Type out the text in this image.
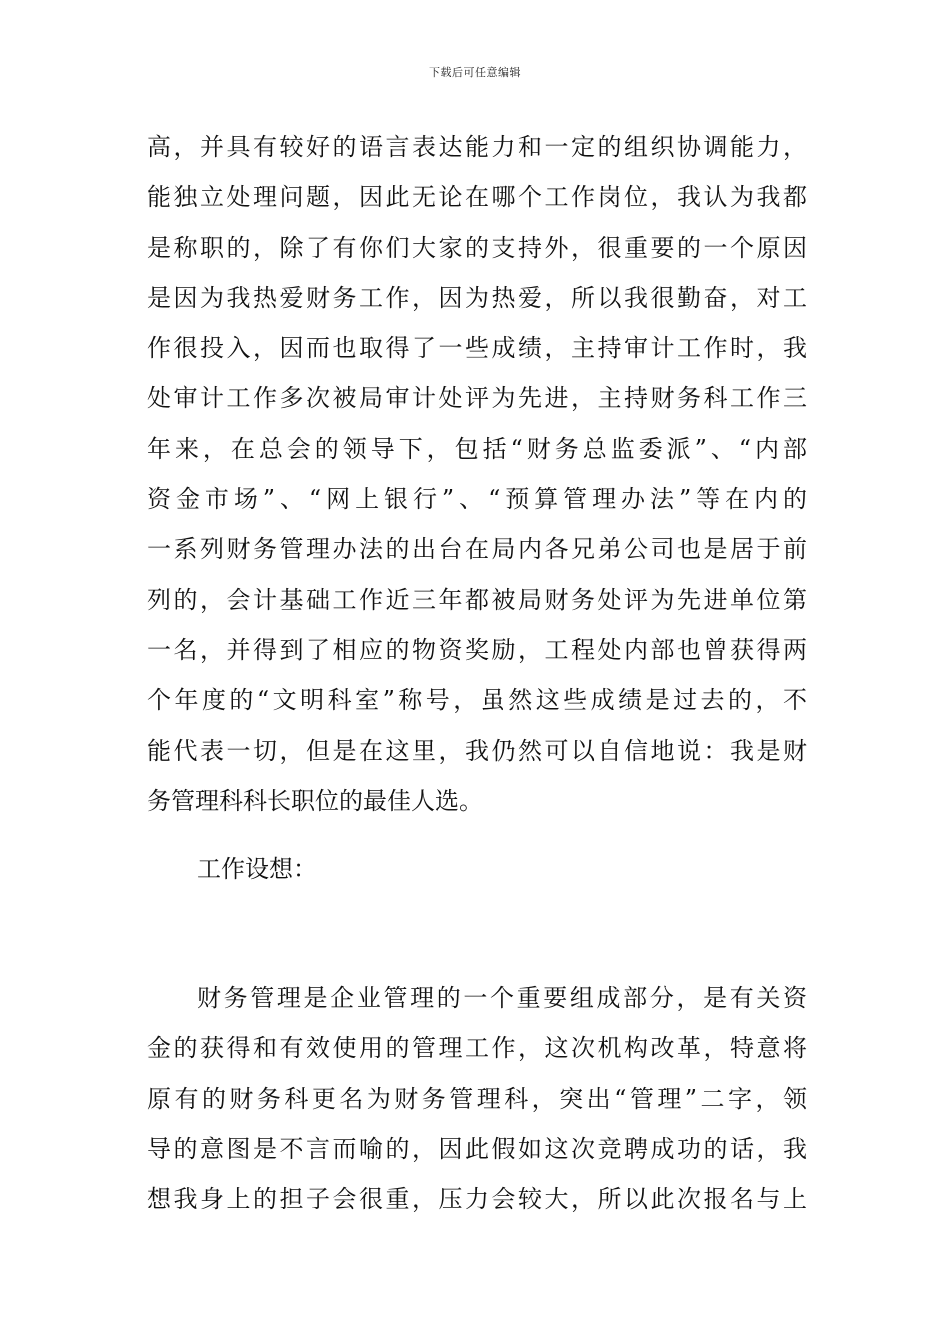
下载后可任意编辑
高，并具有较好的语言表达能力和一定的组织协调能力，
能独立处理问题，因此无论在哪个工作岗位，我认为我都
是称职的，除了有你们大家的支持外，很重要的一个原因
是因为我热爱财务工作，因为热爱，所以我很勤奋，对工
作很投入，因而也取得了一些成绩，主持审计工作时，我
处审计工作多次被局审计处评为先进，主持财务科工作三
年来，在总会的领导下，包括“财务总监委派”、“内部
资金市场”、“网上银行”、“预算管理办法”等在内的
一系列财务管理办法的出台在局内各兄弟公司也是居于前
列的，会计基础工作近三年都被局财务处评为先进单位第
一名，并得到了相应的物资奖励，工程处内部也曾获得两
个年度的“文明科室”称号，虽然这些成绩是过去的，不
能代表一切，但是在这里，我仍然可以自信地说：我是财
务管理科科长职位的最佳人选。
工作设想：
财务管理是企业管理的一个重要组成部分，是有关资
金的获得和有效使用的管理工作，这次机构改革，特意将
原有的财务科更名为财务管理科，突出“管理”二字，领
导的意图是不言而喻的，因此假如这次竞聘成功的话，我
想我身上的担子会很重，压力会较大，所以此次报名与上
